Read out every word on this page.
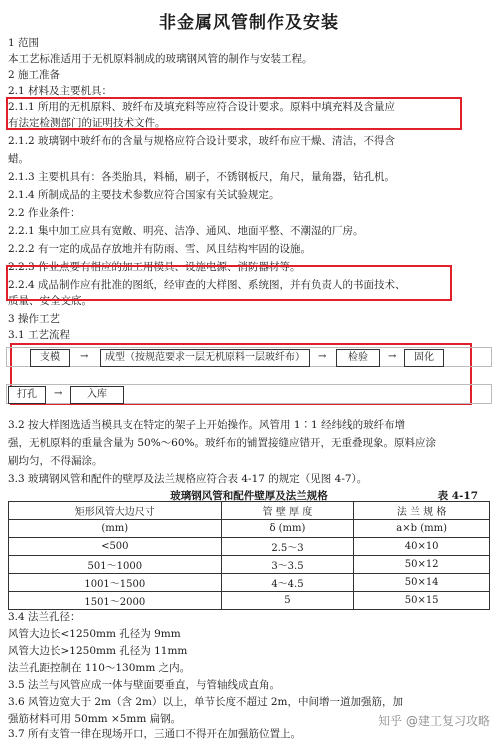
非金属风管制作及安装
1 范围
本工艺标准适用于无机原料制成的玻璃钢风管的制作与安装工程。
2 施工准备
2.1 材料及主要机具：
2.1.1 所用的无机原料、玻纤布及填充料等应符合设计要求。原料中填充料及含量应
有法定检测部门的证明技术文件。
2.1.2 玻璃钢中玻纤布的含量与规格应符合设计要求，玻纤布应干燥、清洁，不得含
蜡。
2.1.3 主要机具有：各类胎具，料桶，刷子，不锈钢板尺，角尺，量角器，钻孔机。
2.1.4 所制成品的主要技术参数应符合国家有关试验规定。
2.2 作业条件：
2.2.1 集中加工应具有宽敞、明亮、洁净、通风、地面平整、不潮湿的厂房。
2.2.2 有一定的成品存放地并有防雨、雪、风且结构牢固的设施。
2.2.3 作业点要有相应的加工用模具、设施电源、消防器材等。
2.2.4 成品制作应有批准的图纸，经审查的大样图、系统图，并有负责人的书面技术、
质量、安全交底。
3 操作工艺
3.1 工艺流程
支模	→	成型（按规范要求一层无机原料一层玻纤布）	→	检验	→	固化
打孔	→	入库
3.2 按大样图选适当模具支在特定的架子上开始操作。风管用 1∶1 经纬线的玻纤布增
强，无机原料的重量含量为 50%～60%。玻纤布的铺置接缝应错开，无重叠现象。原料应涂
刷均匀，不得漏涂。
3.3 玻璃钢风管和配件的壁厚及法兰规格应符合表 4-17 的规定（见图 4-7）。
玻璃钢风管和配件壁厚及法兰规格	表 4-17
矩形风管大边尺寸	管 壁 厚 度	法 兰 规 格
(mm)	δ (mm)	a×b (mm)
<500	2.5～3	40×10
501～1000	3～3.5	50×12
1001～1500	4～4.5	50×14
1501～2000	5	50×15
3.4 法兰孔径：
风管大边长<1250mm 孔径为 9mm
风管大边长>1250mm 孔径为 11mm
法兰孔距控制在 110～130mm 之内。
3.5 法兰与风管应成一体与壁面要垂直，与管轴线成直角。
3.6 风管边宽大于 2m（含 2m）以上，单节长度不超过 2m，中间增一道加强筋，加
强筋材料可用 50mm ×5mm 扁钢。
3.7 所有支管一律在现场开口，三通口不得开在加强筋位置上。
知乎 @建工复习攻略
